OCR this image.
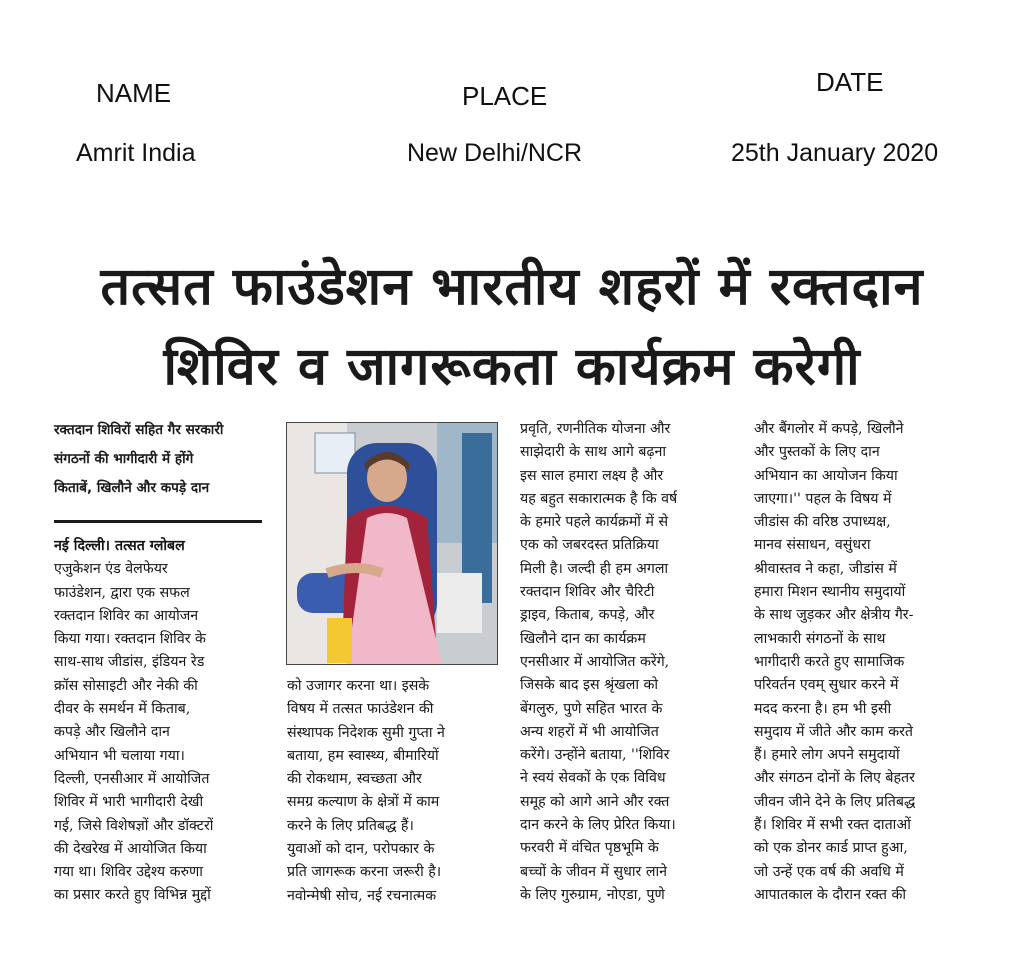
NAME	PLACE	DATE
Amrit India	New Delhi/NCR	25th January 2020
तत्सत फाउंडेशन भारतीय शहरों में रक्तदान
शिविर व जागरूकता कार्यक्रम करेगी
रक्तदान शिविरों सहित गैर सरकारी
संगठनों की भागीदारी में होंगे
किताबें, खिलौने और कपड़े दान
नई दिल्ली। तत्सत ग्लोबल
एजुकेशन एंड वेलफेयर
फाउंडेशन, द्वारा एक सफल
रक्तदान शिविर का आयोजन
किया गया। रक्तदान शिविर के
साथ-साथ जीडांस, इंडियन रेड
क्रॉस सोसाइटी और नेकी की
दीवर के समर्थन में किताब,
कपड़े और खिलौने दान
अभियान भी चलाया गया।
दिल्ली, एनसीआर में आयोजित
शिविर में भारी भागीदारी देखी
गई, जिसे विशेषज्ञों और डॉक्टरों
की देखरेख में आयोजित किया
गया था। शिविर उद्देश्य करुणा
का प्रसार करते हुए विभिन्न मुद्दों
को उजागर करना था। इसके
विषय में तत्सत फाउंडेशन की
संस्थापक निदेशक सुमी गुप्ता ने
बताया, हम स्वास्थ्य, बीमारियों
की रोकथाम, स्वच्छता और
समग्र कल्याण के क्षेत्रों में काम
करने के लिए प्रतिबद्ध हैं।
युवाओं को दान, परोपकार के
प्रति जागरूक करना जरूरी है।
नवोन्मेषी सोच, नई रचनात्मक
प्रवृति, रणनीतिक योजना और
साझेदारी के साथ आगे बढ़ना
इस साल हमारा लक्ष्य है और
यह बहुत सकारात्मक है कि वर्ष
के हमारे पहले कार्यक्रमों में से
एक को जबरदस्त प्रतिक्रिया
मिली है। जल्दी ही हम अगला
रक्तदान शिविर और चैरिटी
ड्राइव, किताब, कपड़े, और
खिलौने दान का कार्यक्रम
एनसीआर में आयोजित करेंगे,
जिसके बाद इस श्रृंखला को
बेंगलुरु, पुणे सहित भारत के
अन्य शहरों में भी आयोजित
करेंगे। उन्होंने बताया, ''शिविर
ने स्वयं सेवकों के एक विविध
समूह को आगे आने और रक्त
दान करने के लिए प्रेरित किया।
फरवरी में वंचित पृष्ठभूमि के
बच्चों के जीवन में सुधार लाने
के लिए गुरुग्राम, नोएडा, पुणे
और बैंगलोर में कपड़े, खिलौने
और पुस्तकों के लिए दान
अभियान का आयोजन किया
जाएगा।'' पहल के विषय में
जीडांस की वरिष्ठ उपाध्यक्ष,
मानव संसाधन, वसुंधरा
श्रीवास्तव ने कहा, जीडांस में
हमारा मिशन स्थानीय समुदायों
के साथ जुड़कर और क्षेत्रीय गैर-
लाभकारी संगठनों के साथ
भागीदारी करते हुए सामाजिक
परिवर्तन एवम् सुधार करने में
मदद करना है। हम भी इसी
समुदाय में जीते और काम करते
हैं। हमारे लोग अपने समुदायों
और संगठन दोनों के लिए बेहतर
जीवन जीने देने के लिए प्रतिबद्ध
हैं। शिविर में सभी रक्त दाताओं
को एक डोनर कार्ड प्राप्त हुआ,
जो उन्हें एक वर्ष की अवधि में
आपातकाल के दौरान रक्त की
